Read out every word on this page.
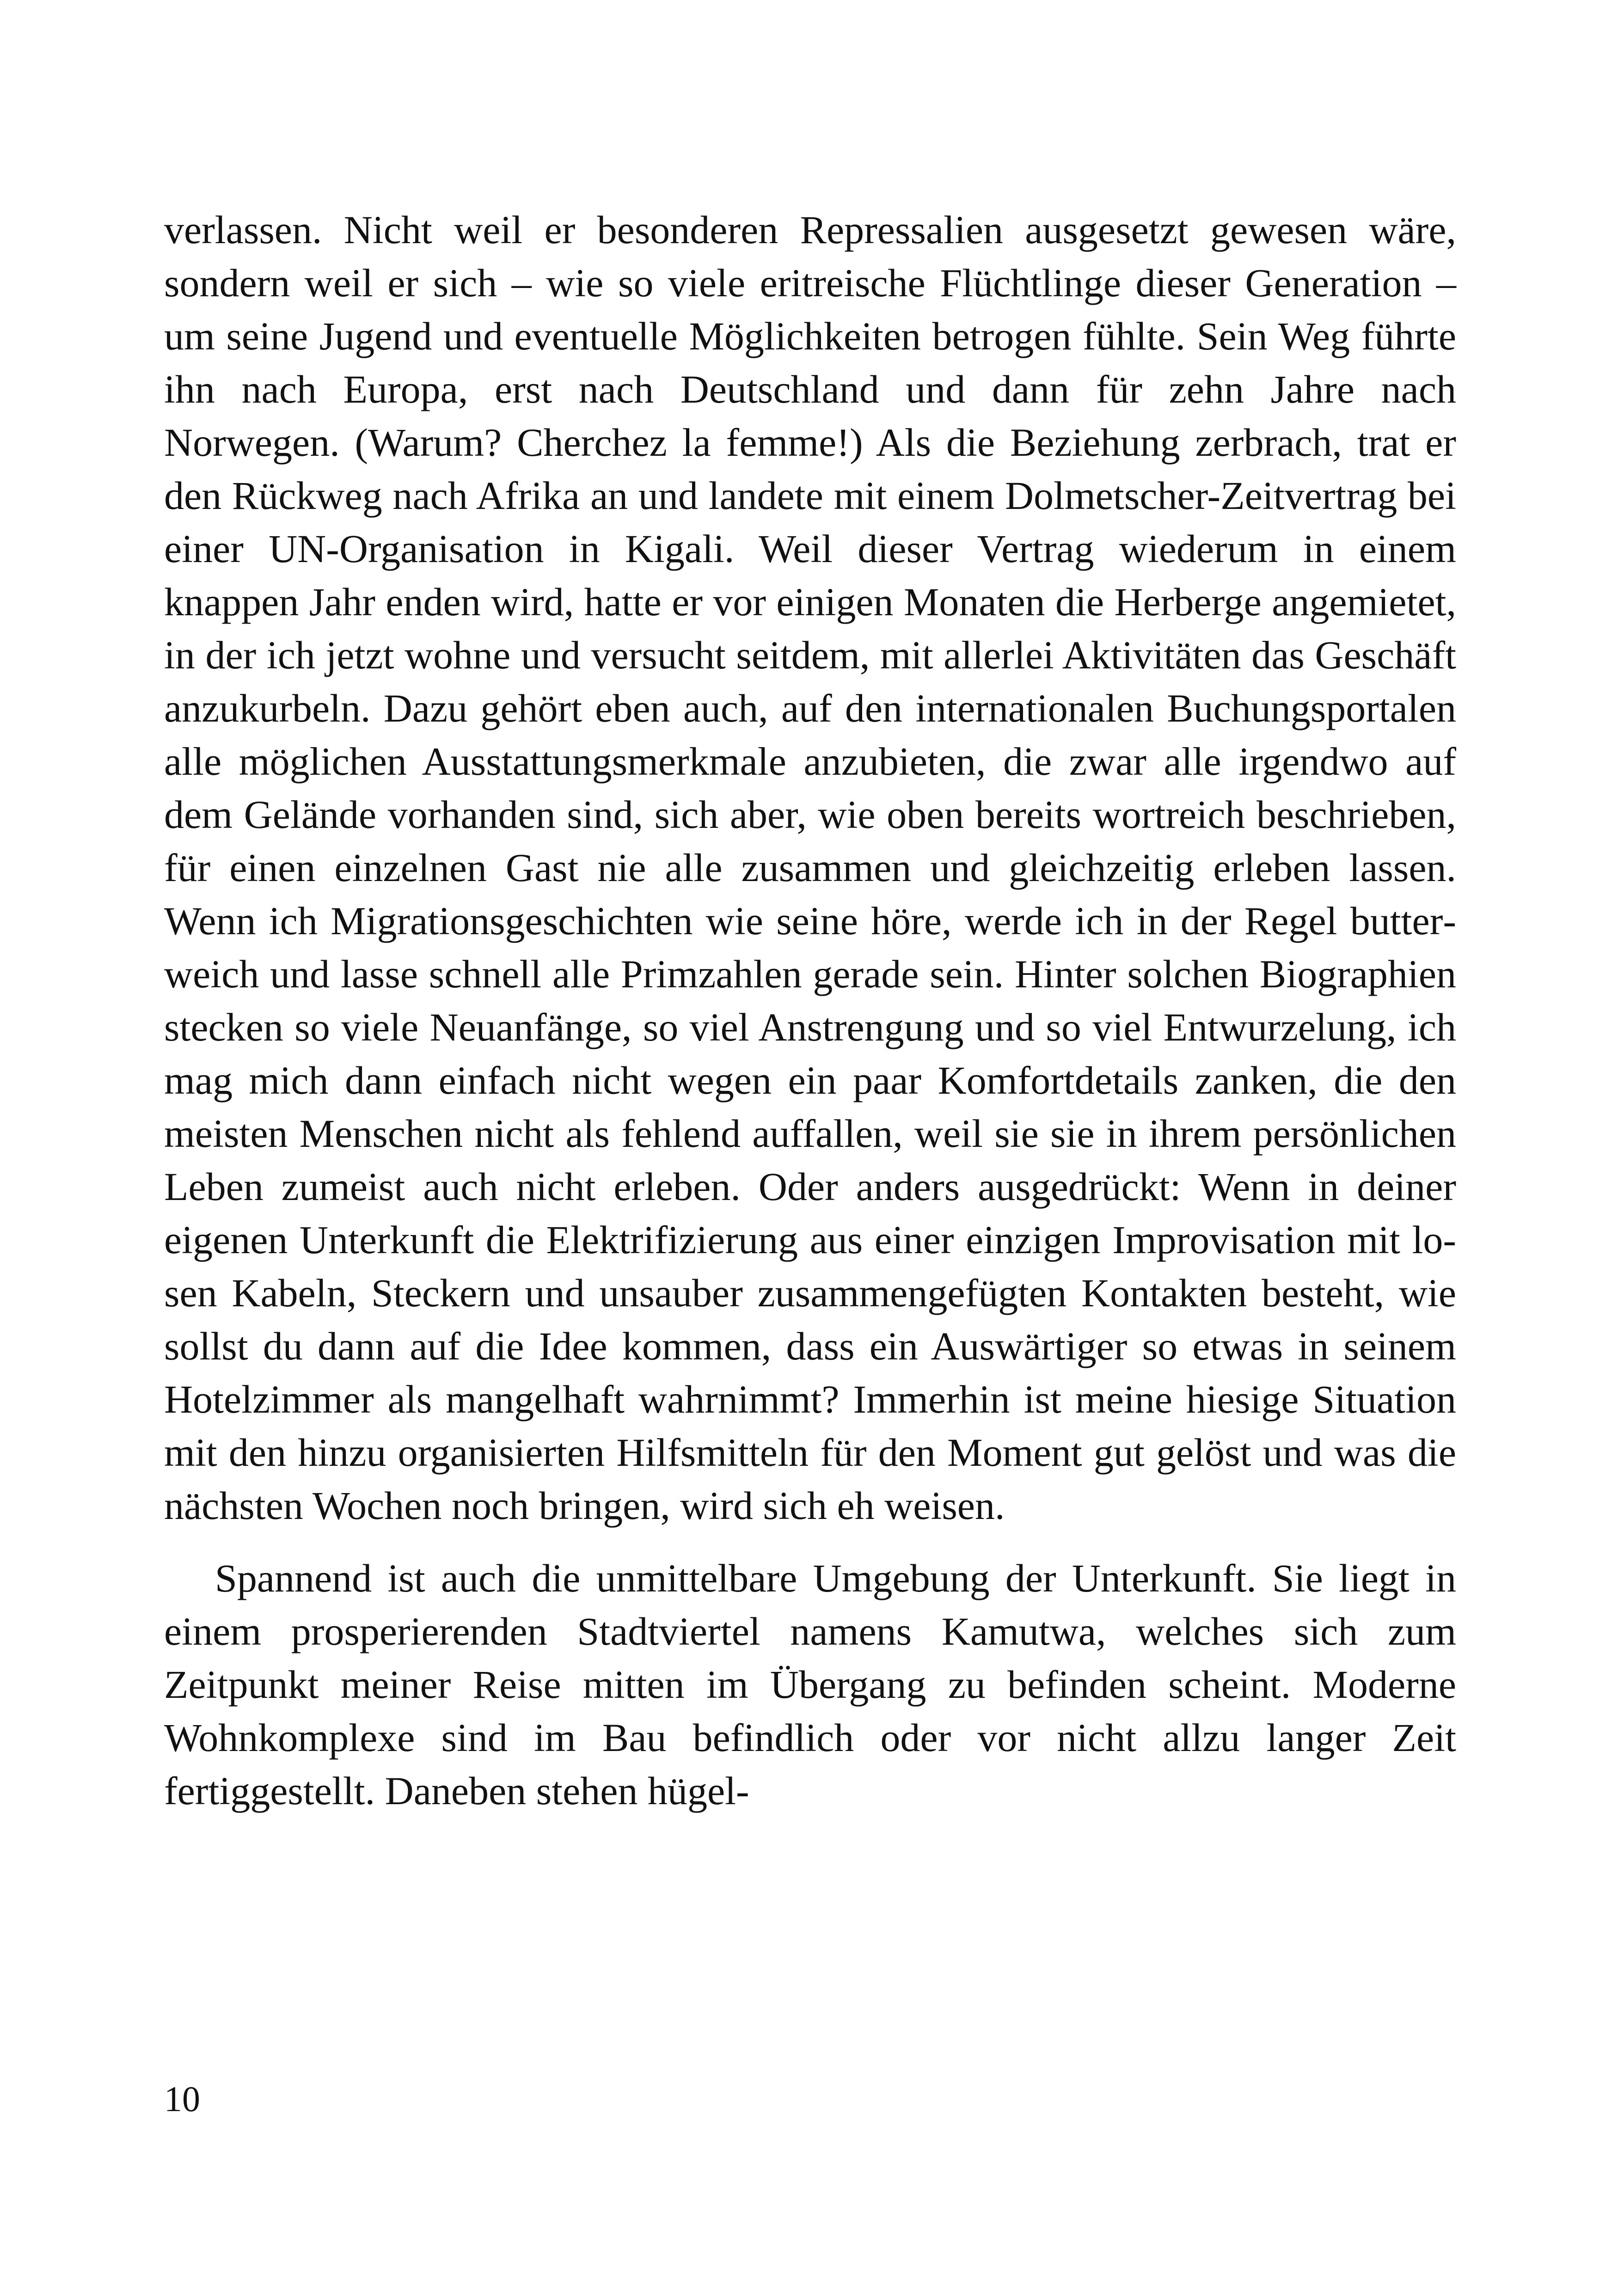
verlassen. Nicht weil er besonderen Repressalien ausgesetzt gewesen wäre, sondern weil er sich – wie so viele eritreische Flüchtlinge dieser Generation – um seine Jugend und eventuelle Möglichkeiten betrogen fühlte. Sein Weg führte ihn nach Europa, erst nach Deutschland und dann für zehn Jahre nach Norwegen. (Warum? Cherchez la femme!) Als die Beziehung zerbrach, trat er den Rückweg nach Afrika an und landete mit einem Dolmetscher-Zeitvertrag bei einer UN-Organisation in Kigali. Weil dieser Vertrag wiederum in einem knappen Jahr enden wird, hatte er vor einigen Monaten die Herberge angemietet, in der ich jetzt wohne und versucht seitdem, mit allerlei Aktivitäten das Geschäft anzukurbeln. Dazu gehört eben auch, auf den internationalen Buchungsportalen alle möglichen Ausstattungsmerkmale anzubieten, die zwar alle irgendwo auf dem Gelände vorhanden sind, sich aber, wie oben bereits wortreich beschrieben, für einen einzelnen Gast nie alle zusammen und gleichzeitig erleben lassen. Wenn ich Migrationsgeschichten wie seine höre, werde ich in der Regel butterweich und lasse schnell alle Primzahlen gerade sein. Hinter solchen Biographien stecken so viele Neuanfänge, so viel Anstrengung und so viel Entwurzelung, ich mag mich dann einfach nicht wegen ein paar Komfortdetails zanken, die den meisten Menschen nicht als fehlend auffallen, weil sie sie in ihrem persönlichen Leben zumeist auch nicht erleben. Oder anders ausgedrückt: Wenn in deiner eigenen Unterkunft die Elektrifizierung aus einer einzigen Improvisation mit losen Kabeln, Steckern und unsauber zusammengefügten Kontakten besteht, wie sollst du dann auf die Idee kommen, dass ein Auswärtiger so etwas in seinem Hotelzimmer als mangelhaft wahrnimmt? Immerhin ist meine hiesige Situation mit den hinzu organisierten Hilfsmitteln für den Moment gut gelöst und was die nächsten Wochen noch bringen, wird sich eh weisen.

Spannend ist auch die unmittelbare Umgebung der Unterkunft. Sie liegt in einem prosperierenden Stadtviertel namens Kamutwa, welches sich zum Zeitpunkt meiner Reise mitten im Übergang zu befinden scheint. Moderne Wohnkomplexe sind im Bau befindlich oder vor nicht allzu langer Zeit fertiggestellt. Daneben stehen hügel-

10
